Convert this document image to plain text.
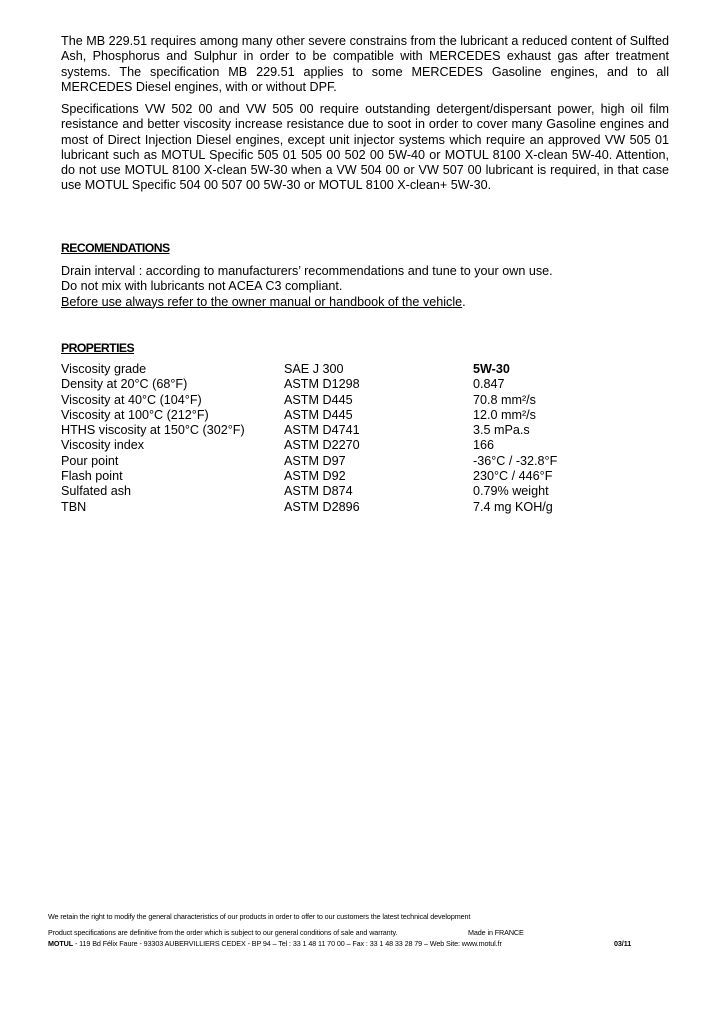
The MB 229.51 requires among many other severe constrains from the lubricant a reduced content of Sulfted Ash, Phosphorus and Sulphur in order to be compatible with MERCEDES exhaust gas after treatment systems. The specification MB 229.51 applies to some MERCEDES Gasoline engines, and to all MERCEDES Diesel engines, with or without DPF.

Specifications VW 502 00 and VW 505 00 require outstanding detergent/dispersant power, high oil film resistance and better viscosity increase resistance due to soot in order to cover many Gasoline engines and most of Direct Injection Diesel engines, except unit injector systems which require an approved VW 505 01 lubricant such as MOTUL Specific 505 01 505 00 502 00 5W-40 or MOTUL 8100 X-clean 5W-40. Attention, do not use MOTUL 8100 X-clean 5W-30 when a VW 504 00 or VW 507 00 lubricant is required, in that case use MOTUL Specific 504 00 507 00 5W-30 or MOTUL 8100 X-clean+ 5W-30.

RECOMENDATIONS
Drain interval : according to manufacturers’ recommendations and tune to your own use.
Do not mix with lubricants not ACEA C3 compliant.
Before use always refer to the owner manual or handbook of the vehicle.
PROPERTIES
Viscosity grade	SAE J 300	5W-30
Density at 20°C (68°F)	ASTM D1298	0.847
Viscosity at 40°C (104°F)	ASTM D445	70.8 mm²/s
Viscosity at 100°C (212°F)	ASTM D445	12.0 mm²/s
HTHS viscosity at 150°C (302°F)	ASTM D4741	3.5 mPa.s
Viscosity index	ASTM D2270	166
Pour point	ASTM D97	-36°C / -32.8°F
Flash point	ASTM D92	230°C / 446°F
Sulfated ash	ASTM D874	0.79% weight
TBN	ASTM D2896	7.4 mg KOH/g
We retain the right to modify the general characteristics of our products in order to offer to our customers the latest technical development
Product specifications are definitive from the order which is subject to our general conditions of sale and warranty.	Made in FRANCE
MOTUL - 119 Bd Félix Faure - 93303 AUBERVILLIERS CEDEX - BP 94 – Tel : 33 1 48 11 70 00 – Fax : 33 1 48 33 28 79 – Web Site: www.motul.fr	03/11
